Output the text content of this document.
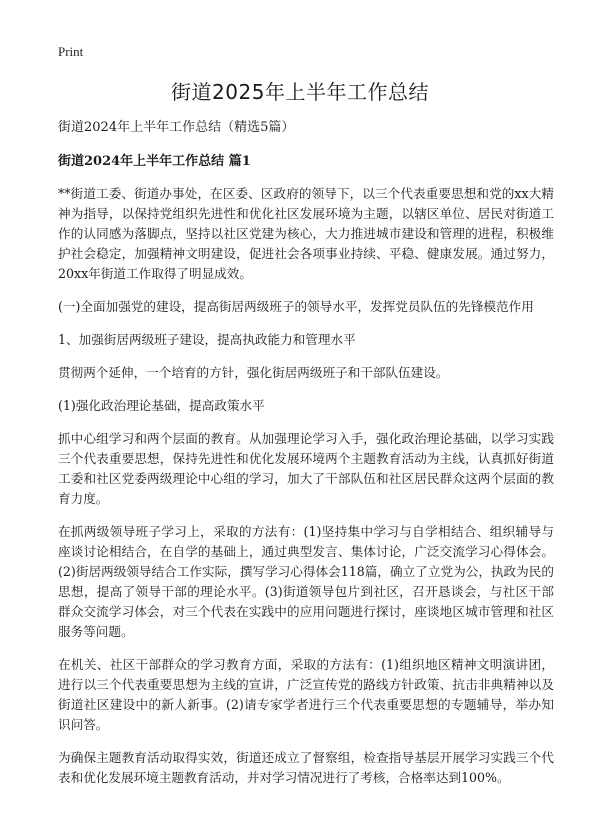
Print
街道2025年上半年工作总结
街道2024年上半年工作总结（精选5篇）
街道2024年上半年工作总结 篇1

**街道工委、街道办事处，在区委、区政府的领导下，以三个代表重要思想和党的xx大精神为指导，以保持党组织先进性和优化社区发展环境为主题，以辖区单位、居民对街道工作的认同感为落脚点，坚持以社区党建为核心，大力推进城市建设和管理的进程，积极维护社会稳定，加强精神文明建设，促进社会各项事业持续、平稳、健康发展。通过努力，20xx年街道工作取得了明显成效。

(一)全面加强党的建设，提高街居两级班子的领导水平，发挥党员队伍的先锋模范作用

1、加强街居两级班子建设，提高执政能力和管理水平

贯彻两个延伸，一个培育的方针，强化街居两级班子和干部队伍建设。

(1)强化政治理论基础，提高政策水平

抓中心组学习和两个层面的教育。从加强理论学习入手，强化政治理论基础，以学习实践三个代表重要思想，保持先进性和优化发展环境两个主题教育活动为主线，认真抓好街道工委和社区党委两级理论中心组的学习，加大了干部队伍和社区居民群众这两个层面的教育力度。

在抓两级领导班子学习上，采取的方法有：(1)坚持集中学习与自学相结合、组织辅导与座谈讨论相结合，在自学的基础上，通过典型发言、集体讨论，广泛交流学习心得体会。(2)街居两级领导结合工作实际，撰写学习心得体会118篇，确立了立党为公，执政为民的思想，提高了领导干部的理论水平。(3)街道领导包片到社区，召开恳谈会，与社区干部群众交流学习体会，对三个代表在实践中的应用问题进行探讨，座谈地区城市管理和社区服务等问题。

在机关、社区干部群众的学习教育方面，采取的方法有：(1)组织地区精神文明演讲团，进行以三个代表重要思想为主线的宣讲，广泛宣传党的路线方针政策、抗击非典精神以及街道社区建设中的新人新事。(2)请专家学者进行三个代表重要思想的专题辅导，举办知识问答。

为确保主题教育活动取得实效，街道还成立了督察组，检查指导基层开展学习实践三个代表和优化发展环境主题教育活动，并对学习情况进行了考核，合格率达到100%。
